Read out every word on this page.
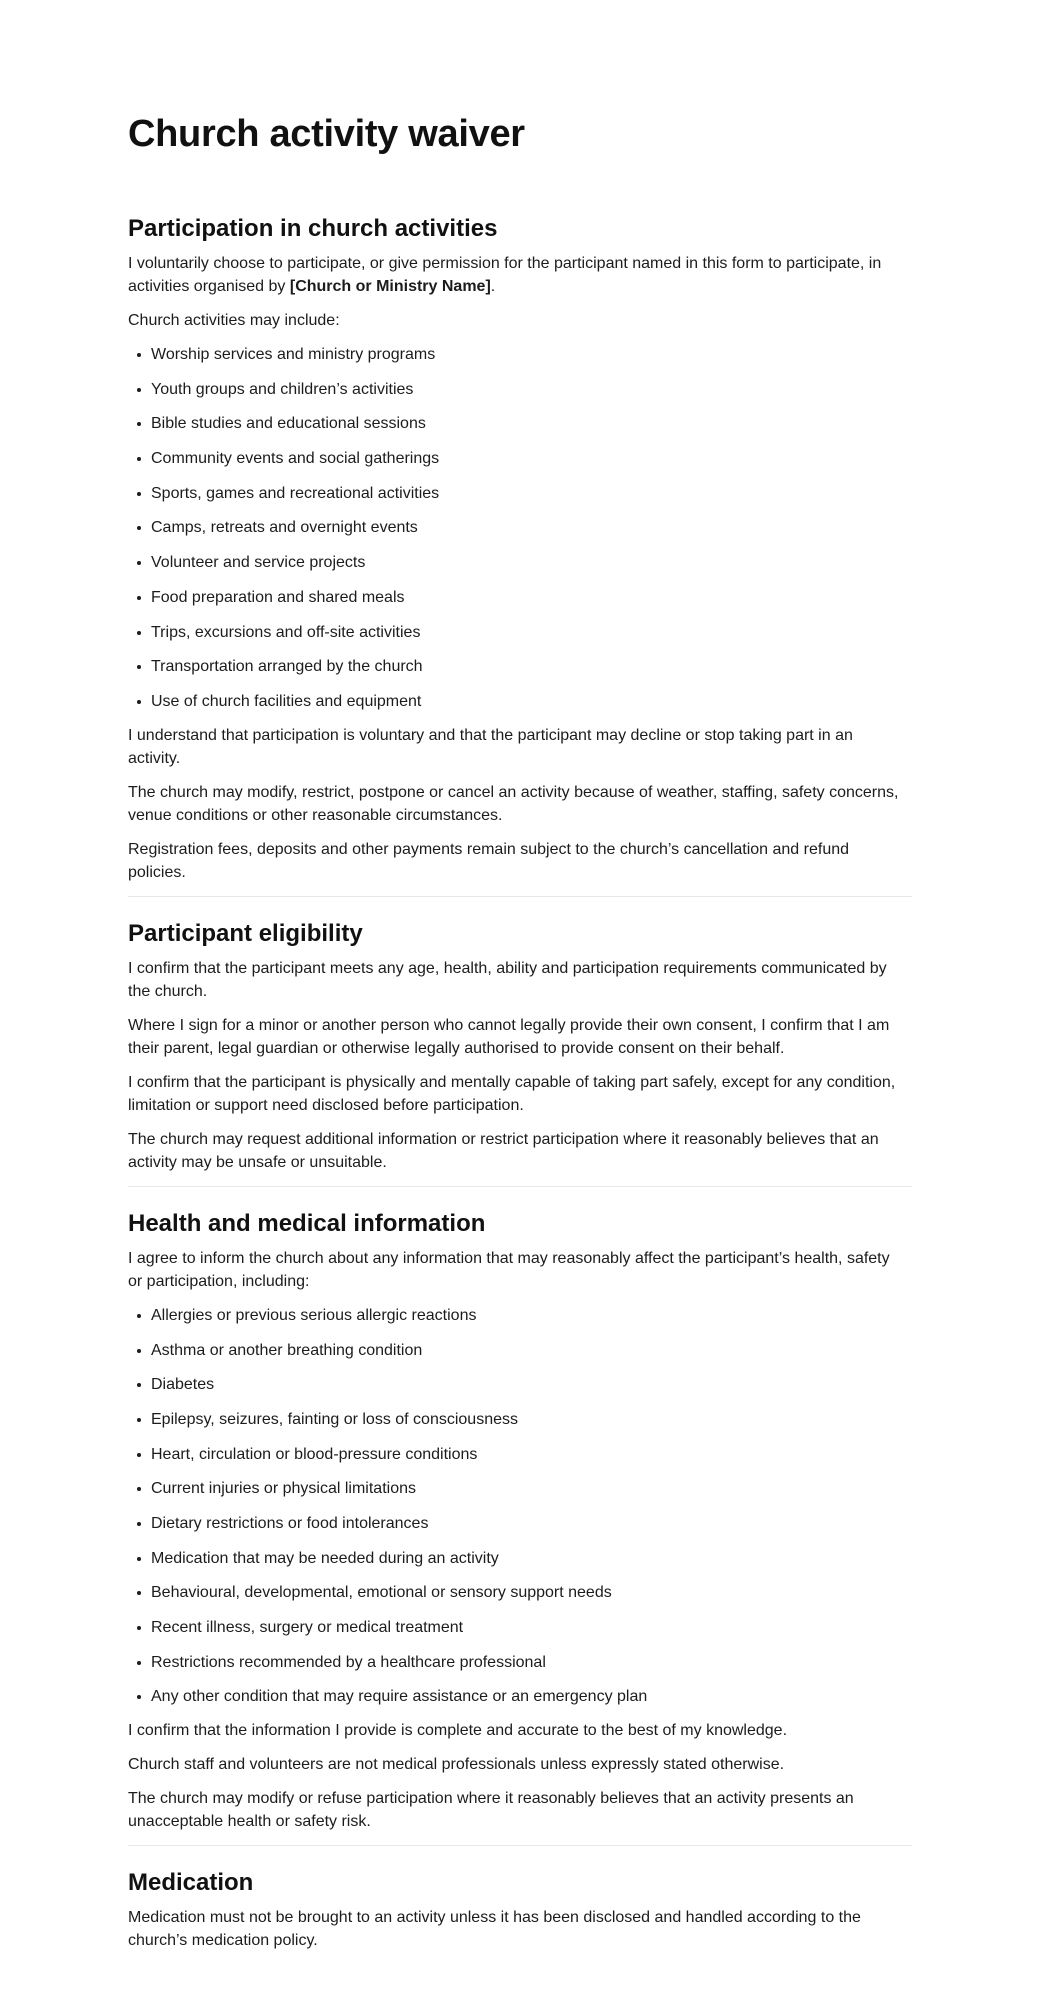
Church activity waiver
Participation in church activities

I voluntarily choose to participate, or give permission for the participant named in this form to participate, in activities organised by [Church or Ministry Name].

Church activities may include:

Worship services and ministry programs
Youth groups and children’s activities
Bible studies and educational sessions
Community events and social gatherings
Sports, games and recreational activities
Camps, retreats and overnight events
Volunteer and service projects
Food preparation and shared meals
Trips, excursions and off-site activities
Transportation arranged by the church
Use of church facilities and equipment

I understand that participation is voluntary and that the participant may decline or stop taking part in an activity.

The church may modify, restrict, postpone or cancel an activity because of weather, staffing, safety concerns, venue conditions or other reasonable circumstances.

Registration fees, deposits and other payments remain subject to the church’s cancellation and refund policies.

Participant eligibility

I confirm that the participant meets any age, health, ability and participation requirements communicated by the church.

Where I sign for a minor or another person who cannot legally provide their own consent, I confirm that I am their parent, legal guardian or otherwise legally authorised to provide consent on their behalf.

I confirm that the participant is physically and mentally capable of taking part safely, except for any condition, limitation or support need disclosed before participation.

The church may request additional information or restrict participation where it reasonably believes that an activity may be unsafe or unsuitable.

Health and medical information

I agree to inform the church about any information that may reasonably affect the participant’s health, safety or participation, including:

Allergies or previous serious allergic reactions
Asthma or another breathing condition
Diabetes
Epilepsy, seizures, fainting or loss of consciousness
Heart, circulation or blood-pressure conditions
Current injuries or physical limitations
Dietary restrictions or food intolerances
Medication that may be needed during an activity
Behavioural, developmental, emotional or sensory support needs
Recent illness, surgery or medical treatment
Restrictions recommended by a healthcare professional
Any other condition that may require assistance or an emergency plan

I confirm that the information I provide is complete and accurate to the best of my knowledge.

Church staff and volunteers are not medical professionals unless expressly stated otherwise.

The church may modify or refuse participation where it reasonably believes that an activity presents an unacceptable health or safety risk.

Medication

Medication must not be brought to an activity unless it has been disclosed and handled according to the church’s medication policy.
